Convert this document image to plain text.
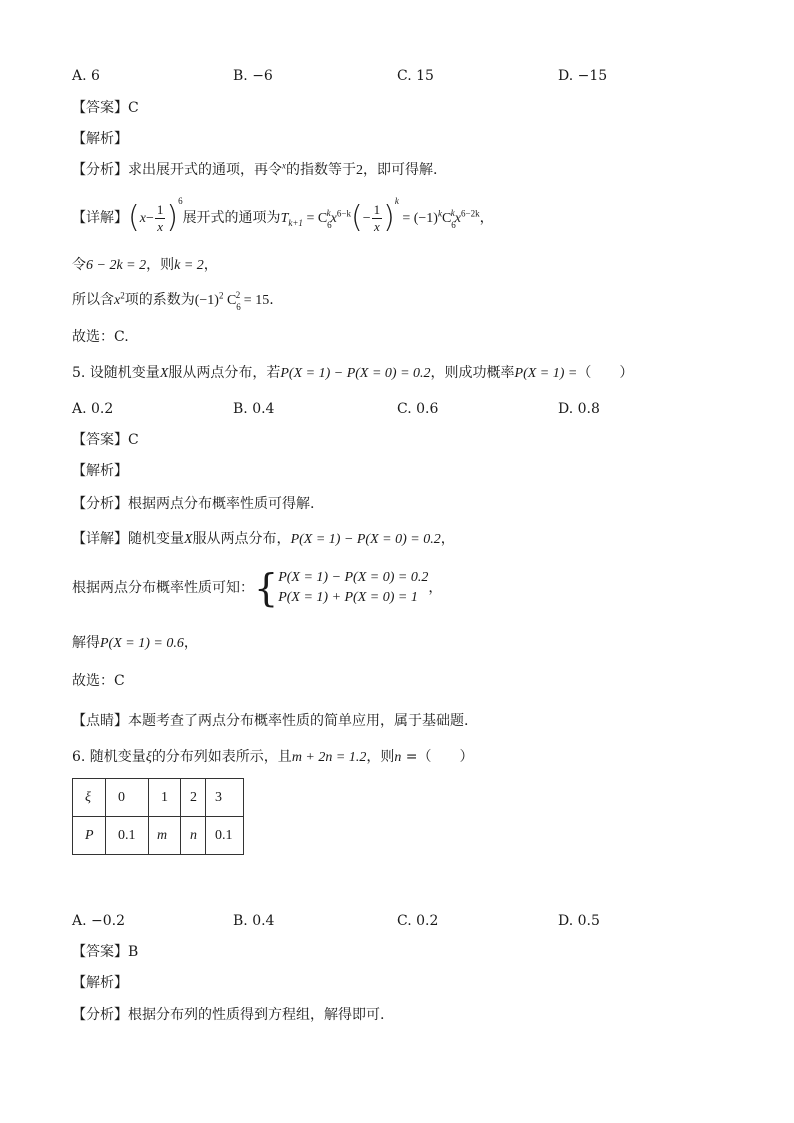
A. 6	B. −6	C. 15	D. −15
【答案】C
【解析】
【分析】求出展开式的通项，再令$^x$的指数等于2，即可得解.
【详解】$(x- \frac{1}{x} )^6$展开式的通项为$T_{k+1} = C_6^kx^{6-k}(- \frac{1}{x} )^k = (-1)^kC_6^kx^{6-2k}$，
令6 − 2k = 2，则k = 2，
所以含$x^2$项的系数为$(-1)^2$ $C_6^2 = 15$.
故选：C.
5. 设随机变量X服从两点分布，若P(X = 1) − P(X = 0) = 0.2，则成功概率P(X = 1) =（　　）
A. 0.2	B. 0.4	C. 0.6	D. 0.8
【答案】C
【解析】
【分析】根据两点分布概率性质可得解.
【详解】随机变量X服从两点分布，P(X = 1) − P(X = 0) = 0.2，
根据两点分布概率性质可知：{ P(X = 1) − P(X = 0) = 0.2
P(X = 1) + P(X = 0) = 1
，
解得P(X = 1) = 0.6，
故选：C
【点睛】本题考查了两点分布概率性质的简单应用，属于基础题.
6. 随机变量ξ的分布列如表所示，且m + 2n = 1.2，则n =（　　）
ξ	0	1	2	3
P	0.1	m	n	0.1
A. −0.2	B. 0.4	C. 0.2	D. 0.5
【答案】B
【解析】
【分析】根据分布列的性质得到方程组，解得即可.
